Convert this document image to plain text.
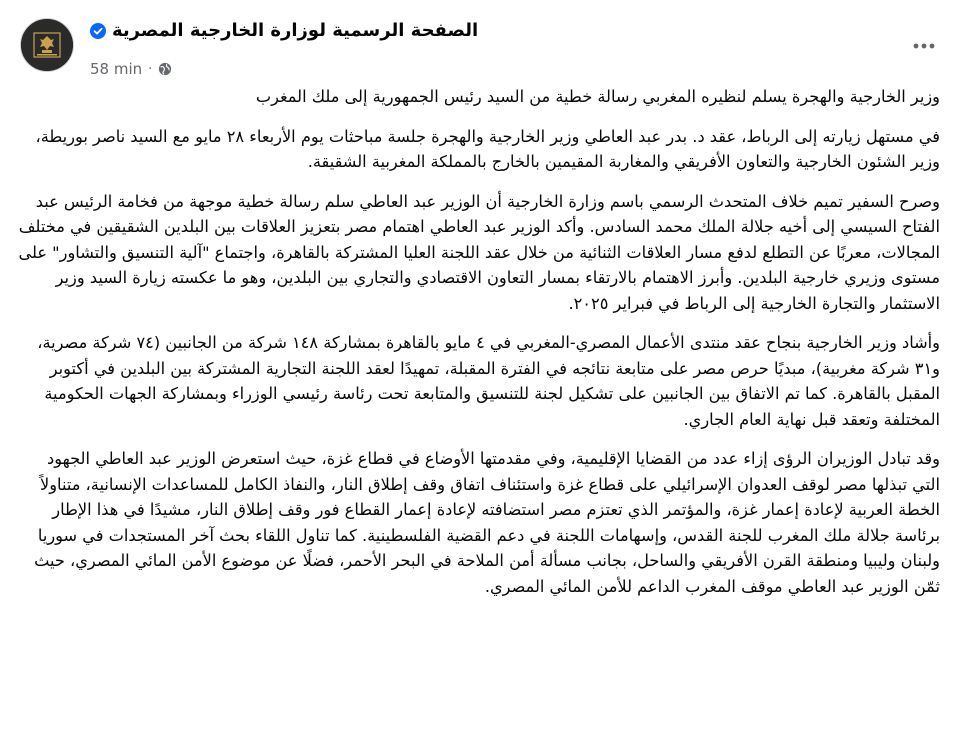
الصفحة الرسمية لوزارة الخارجية المصرية
58 min ·

وزير الخارجية والهجرة يسلم لنظيره المغربي رسالة خطية من السيد رئيس الجمهورية إلى ملك المغرب

في مستهل زيارته إلى الرباط، عقد د. بدر عبد العاطي وزير الخارجية والهجرة جلسة مباحثات يوم الأربعاء ٢٨ مايو مع السيد ناصر بوريطة، وزير الشئون الخارجية والتعاون الأفريقي والمغاربة المقيمين بالخارج بالمملكة المغربية الشقيقة.

وصرح السفير تميم خلاف المتحدث الرسمي باسم وزارة الخارجية أن الوزير عبد العاطي سلم رسالة خطية موجهة من فخامة الرئيس عبد الفتاح السيسي إلى أخيه جلالة الملك محمد السادس. وأكد الوزير عبد العاطي اهتمام مصر بتعزيز العلاقات بين البلدين الشقيقين في مختلف المجالات، معربًا عن التطلع لدفع مسار العلاقات الثنائية من خلال عقد اللجنة العليا المشتركة بالقاهرة، واجتماع "آلية التنسيق والتشاور" على مستوى وزيري خارجية البلدين. وأبرز الاهتمام بالارتقاء بمسار التعاون الاقتصادي والتجاري بين البلدين، وهو ما عكسته زيارة السيد وزير الاستثمار والتجارة الخارجية إلى الرباط في فبراير ٢٠٢٥.

وأشاد وزير الخارجية بنجاح عقد منتدى الأعمال المصري-المغربي في ٤ مايو بالقاهرة بمشاركة ١٤٨ شركة من الجانبين (٧٤ شركة مصرية، و٣١ شركة مغربية)، مبديًا حرص مصر على متابعة نتائجه في الفترة المقبلة، تمهيدًا لعقد اللجنة التجارية المشتركة بين البلدين في أكتوبر المقبل بالقاهرة. كما تم الاتفاق بين الجانبين على تشكيل لجنة للتنسيق والمتابعة تحت رئاسة رئيسي الوزراء وبمشاركة الجهات الحكومية المختلفة وتعقد قبل نهاية العام الجاري.

وقد تبادل الوزيران الرؤى إزاء عدد من القضايا الإقليمية، وفي مقدمتها الأوضاع في قطاع غزة، حيث استعرض الوزير عبد العاطي الجهود التي تبذلها مصر لوقف العدوان الإسرائيلي على قطاع غزة واستئناف اتفاق وقف إطلاق النار، والنفاذ الكامل للمساعدات الإنسانية، متناولاً الخطة العربية لإعادة إعمار غزة، والمؤتمر الذي تعتزم مصر استضافته لإعادة إعمار القطاع فور وقف إطلاق النار، مشيدًا في هذا الإطار برئاسة جلالة ملك المغرب للجنة القدس، وإسهامات اللجنة في دعم القضية الفلسطينية. كما تناول اللقاء بحث آخر المستجدات في سوريا ولبنان وليبيا ومنطقة القرن الأفريقي والساحل، بجانب مسألة أمن الملاحة في البحر الأحمر، فضلًا عن موضوع الأمن المائي المصري، حيث ثمّن الوزير عبد العاطي موقف المغرب الداعم للأمن المائي المصري.
